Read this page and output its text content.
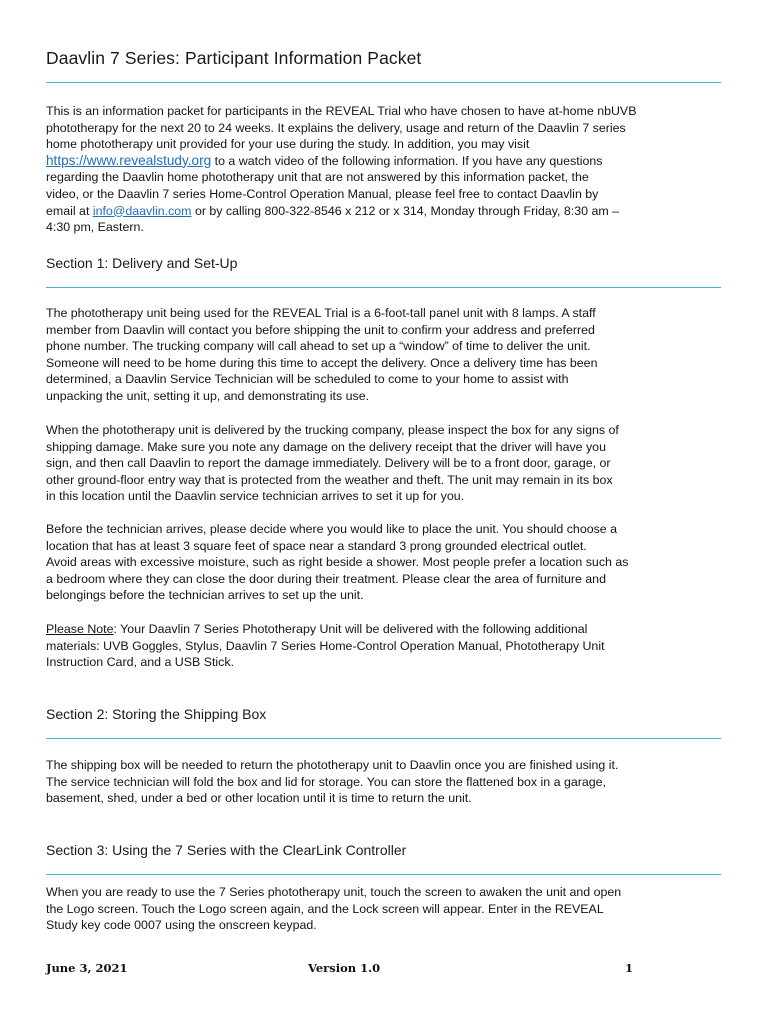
Daavlin 7 Series: Participant Information Packet
This is an information packet for participants in the REVEAL Trial who have chosen to have at-home nbUVB
phototherapy for the next 20 to 24 weeks. It explains the delivery, usage and return of the Daavlin 7 series
home phototherapy unit provided for your use during the study. In addition, you may visit
https://www.revealstudy.org to a watch video of the following information. If you have any questions
regarding the Daavlin home phototherapy unit that are not answered by this information packet, the
video, or the Daavlin 7 series Home-Control Operation Manual, please feel free to contact Daavlin by
email at info@daavlin.com or by calling 800-322-8546 x 212 or x 314, Monday through Friday, 8:30 am –
4:30 pm, Eastern.
Section 1: Delivery and Set-Up
The phototherapy unit being used for the REVEAL Trial is a 6-foot-tall panel unit with 8 lamps. A staff
member from Daavlin will contact you before shipping the unit to confirm your address and preferred
phone number. The trucking company will call ahead to set up a “window” of time to deliver the unit.
Someone will need to be home during this time to accept the delivery. Once a delivery time has been
determined, a Daavlin Service Technician will be scheduled to come to your home to assist with
unpacking the unit, setting it up, and demonstrating its use.
When the phototherapy unit is delivered by the trucking company, please inspect the box for any signs of
shipping damage. Make sure you note any damage on the delivery receipt that the driver will have you
sign, and then call Daavlin to report the damage immediately. Delivery will be to a front door, garage, or
other ground-floor entry way that is protected from the weather and theft. The unit may remain in its box
in this location until the Daavlin service technician arrives to set it up for you.
Before the technician arrives, please decide where you would like to place the unit. You should choose a
location that has at least 3 square feet of space near a standard 3 prong grounded electrical outlet.
Avoid areas with excessive moisture, such as right beside a shower. Most people prefer a location such as
a bedroom where they can close the door during their treatment. Please clear the area of furniture and
belongings before the technician arrives to set up the unit.
Please Note: Your Daavlin 7 Series Phototherapy Unit will be delivered with the following additional
materials: UVB Goggles, Stylus, Daavlin 7 Series Home-Control Operation Manual, Phototherapy Unit
Instruction Card, and a USB Stick.
Section 2: Storing the Shipping Box
The shipping box will be needed to return the phototherapy unit to Daavlin once you are finished using it.
The service technician will fold the box and lid for storage. You can store the flattened box in a garage,
basement, shed, under a bed or other location until it is time to return the unit.
Section 3: Using the 7 Series with the ClearLink Controller
When you are ready to use the 7 Series phototherapy unit, touch the screen to awaken the unit and open
the Logo screen. Touch the Logo screen again, and the Lock screen will appear. Enter in the REVEAL
Study key code 0007 using the onscreen keypad.
June 3, 2021	Version 1.0	1
